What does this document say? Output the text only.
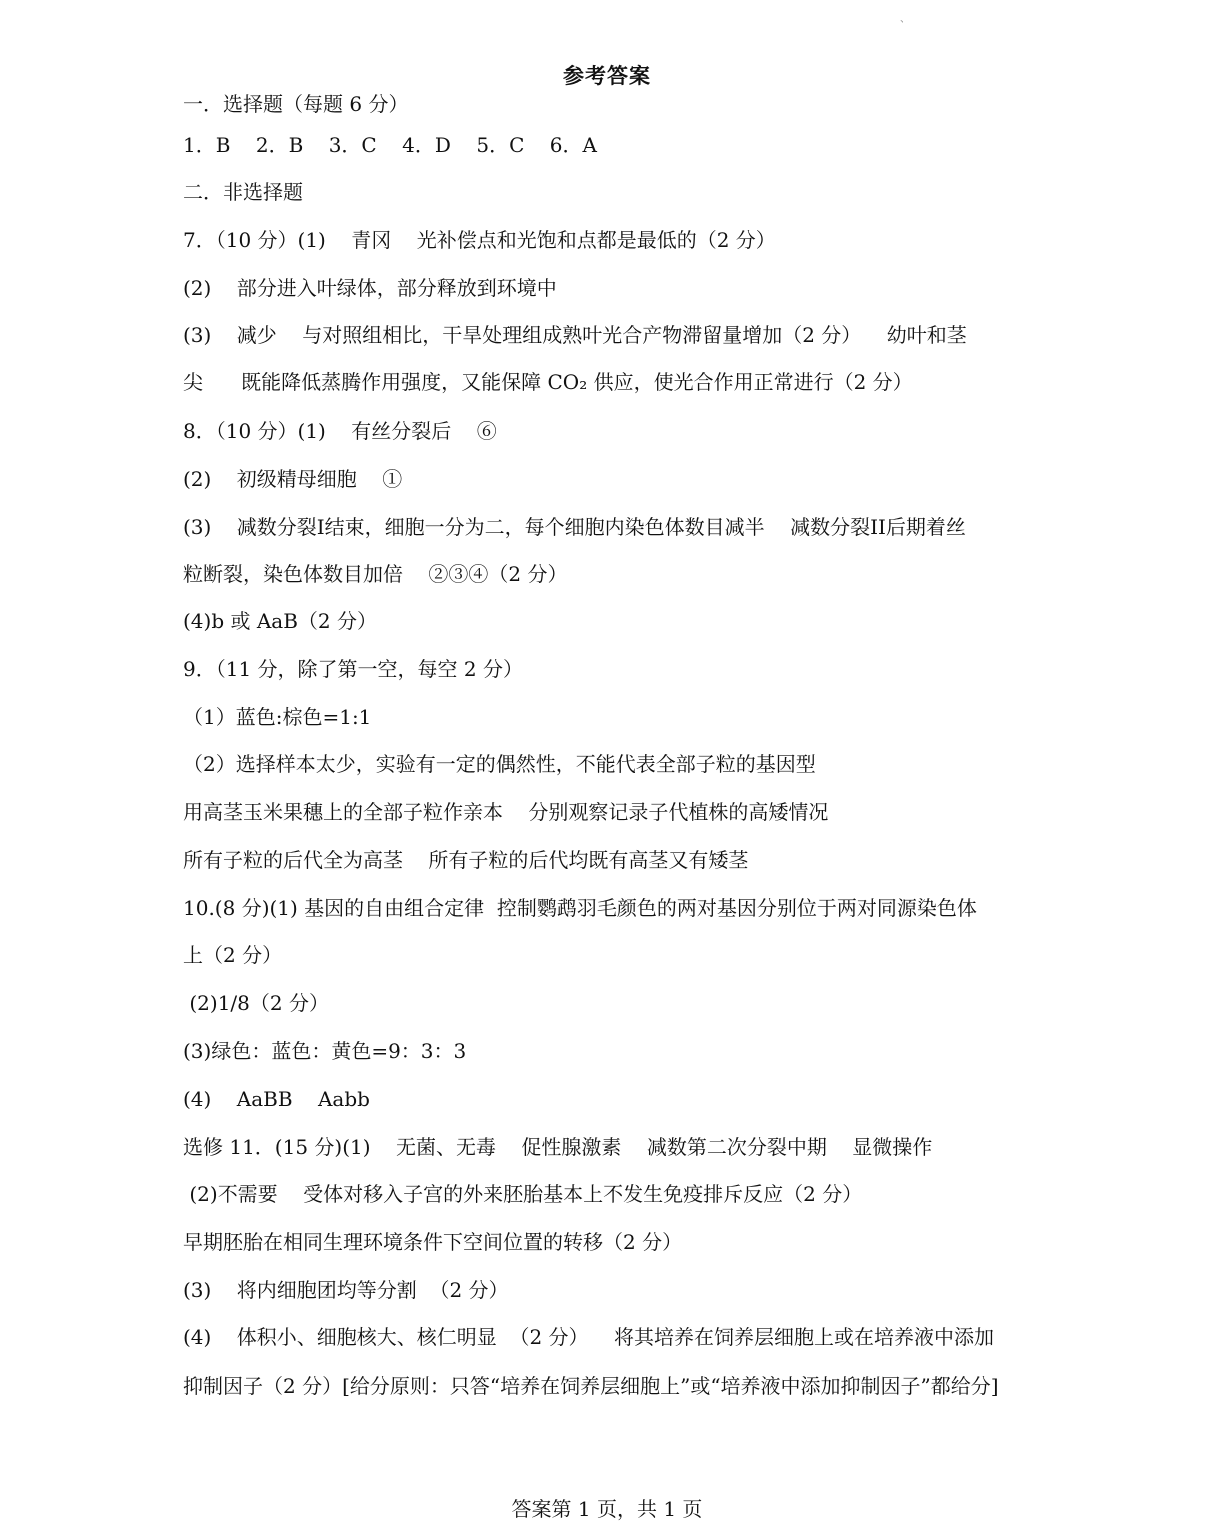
、
参考答案
一．选择题（每题 6 分）
1．B    2．B    3．C    4．D    5．C    6．A
二．非选择题
7．（10 分）(1)    青冈    光补偿点和光饱和点都是最低的（2 分）
(2)    部分进入叶绿体，部分释放到环境中
(3)    减少    与对照组相比，干旱处理组成熟叶光合产物滞留量增加（2 分）    幼叶和茎
尖      既能降低蒸腾作用强度，又能保障 CO₂ 供应，使光合作用正常进行（2 分）
8．（10 分）(1)    有丝分裂后    ⑥
(2)    初级精母细胞    ①
(3)    减数分裂I结束，细胞一分为二，每个细胞内染色体数目减半    减数分裂II后期着丝
粒断裂，染色体数目加倍    ②③④（2 分）
(4)b 或 AaB（2 分）
9．（11 分，除了第一空，每空 2 分）
（1）蓝色:棕色=1:1
（2）选择样本太少，实验有一定的偶然性，不能代表全部子粒的基因型
用高茎玉米果穗上的全部子粒作亲本    分别观察记录子代植株的高矮情况
所有子粒的后代全为高茎    所有子粒的后代均既有高茎又有矮茎
10.(8 分)(1) 基因的自由组合定律  控制鹦鹉羽毛颜色的两对基因分别位于两对同源染色体
上（2 分）
(2)1/8（2 分）
(3)绿色：蓝色：黄色=9：3：3
(4)    AaBB    Aabb
选修 11．(15 分)(1)    无菌、无毒    促性腺激素    减数第二次分裂中期    显微操作
(2)不需要    受体对移入子宫的外来胚胎基本上不发生免疫排斥反应（2 分）
早期胚胎在相同生理环境条件下空间位置的转移（2 分）
(3)    将内细胞团均等分割  （2 分）
(4)    体积小、细胞核大、核仁明显  （2 分）    将其培养在饲养层细胞上或在培养液中添加
抑制因子（2 分）[给分原则：只答“培养在饲养层细胞上”或“培养液中添加抑制因子”都给分]
答案第 1 页，共 1 页
